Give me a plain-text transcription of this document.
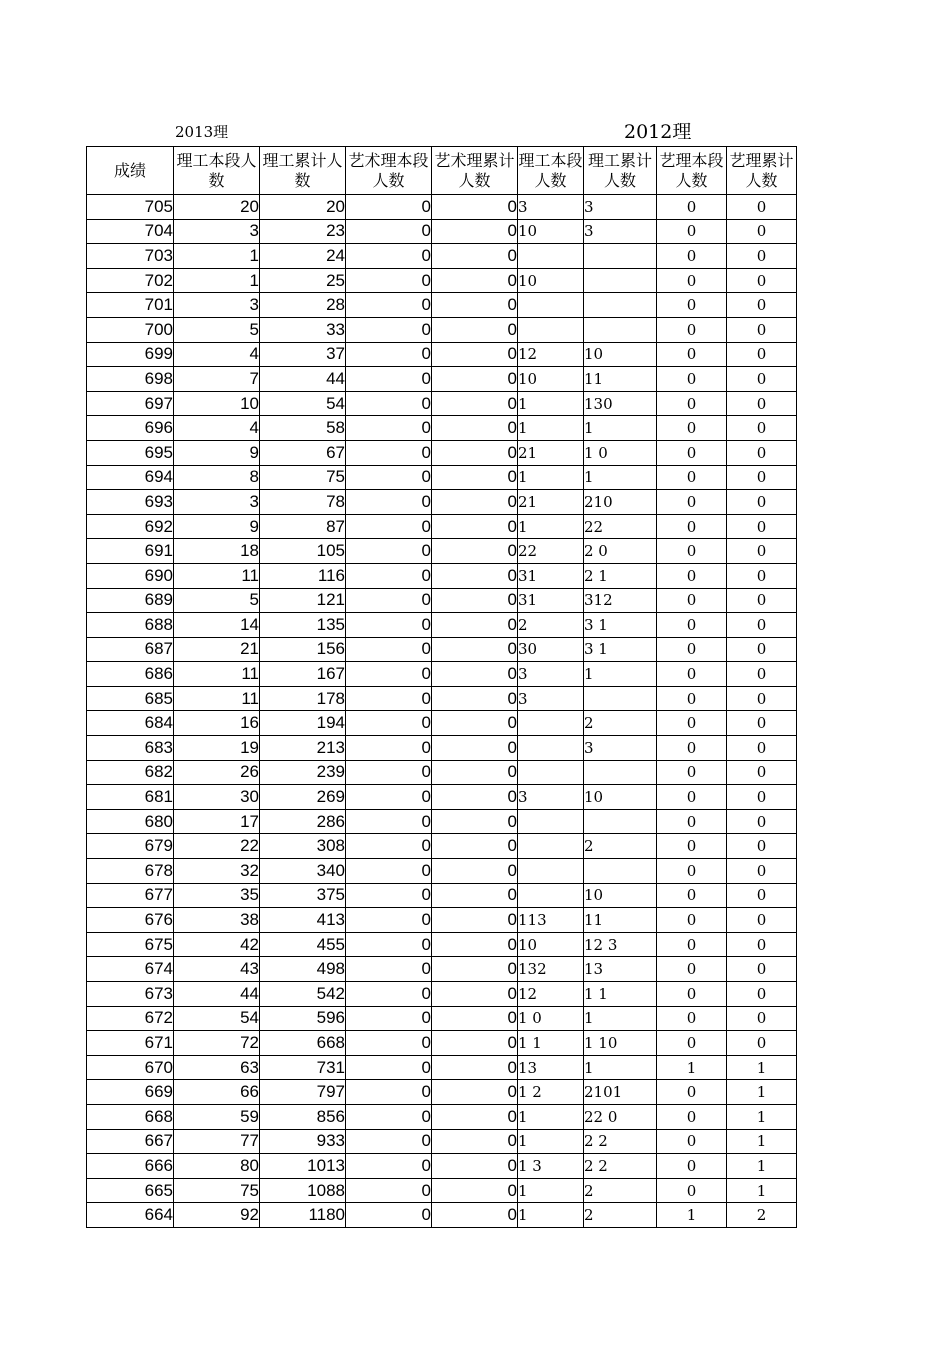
2013理	2012理
成绩	理工本段人数	理工累计人数	艺术理本段人数	艺术理累计人数	理工本段人数	理工累计人数	艺理本段人数	艺理累计人数
705	20	20	0	0	3	3	0	0
704	3	23	0	0	10	3	0	0
703	1	24	0	0			0	0
702	1	25	0	0	10		0	0
701	3	28	0	0			0	0
700	5	33	0	0			0	0
699	4	37	0	0	12	10	0	0
698	7	44	0	0	10	11	0	0
697	10	54	0	0	1	130	0	0
696	4	58	0	0	1	1	0	0
695	9	67	0	0	21	1 0	0	0
694	8	75	0	0	1	1	0	0
693	3	78	0	0	21	210	0	0
692	9	87	0	0	1	22	0	0
691	18	105	0	0	22	2 0	0	0
690	11	116	0	0	31	2 1	0	0
689	5	121	0	0	31	312	0	0
688	14	135	0	0	2	3 1	0	0
687	21	156	0	0	30	3 1	0	0
686	11	167	0	0	3	1	0	0
685	11	178	0	0	3		0	0
684	16	194	0	0		2	0	0
683	19	213	0	0		3	0	0
682	26	239	0	0			0	0
681	30	269	0	0	3	10	0	0
680	17	286	0	0			0	0
679	22	308	0	0		2	0	0
678	32	340	0	0			0	0
677	35	375	0	0		10	0	0
676	38	413	0	0	113	11	0	0
675	42	455	0	0	10	12 3	0	0
674	43	498	0	0	132	13	0	0
673	44	542	0	0	12	1 1	0	0
672	54	596	0	0	1 0	1	0	0
671	72	668	0	0	1 1	1 10	0	0
670	63	731	0	0	13	1	1	1
669	66	797	0	0	1 2	2101	0	1
668	59	856	0	0	1	22 0	0	1
667	77	933	0	0	1	2 2	0	1
666	80	1013	0	0	1 3	2 2	0	1
665	75	1088	0	0	1	2	0	1
664	92	1180	0	0	1	2	1	2
